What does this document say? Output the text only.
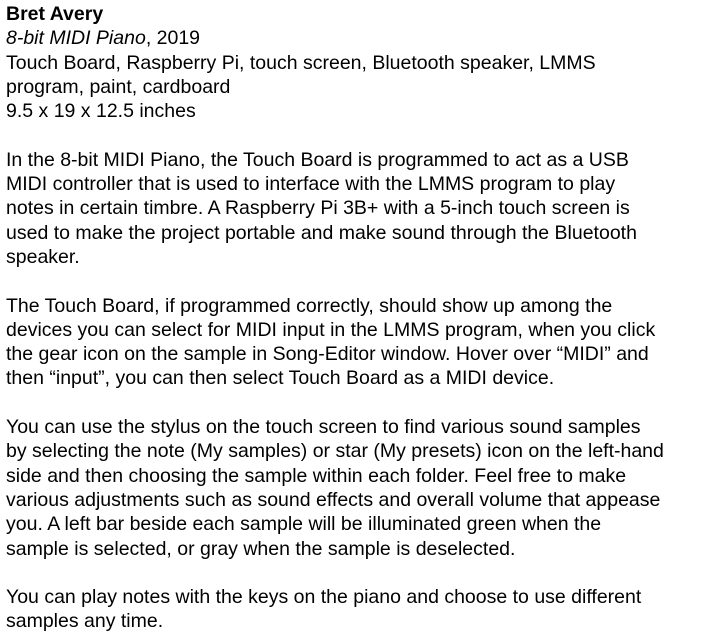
Bret Avery
8-bit MIDI Piano, 2019
Touch Board, Raspberry Pi, touch screen, Bluetooth speaker, LMMS
program, paint, cardboard
9.5 x 19 x 12.5 inches
In the 8-bit MIDI Piano, the Touch Board is programmed to act as a USB
MIDI controller that is used to interface with the LMMS program to play
notes in certain timbre. A Raspberry Pi 3B+ with a 5-inch touch screen is
used to make the project portable and make sound through the Bluetooth
speaker.
The Touch Board, if programmed correctly, should show up among the
devices you can select for MIDI input in the LMMS program, when you click
the gear icon on the sample in Song-Editor window. Hover over “MIDI” and
then “input”, you can then select Touch Board as a MIDI device.
You can use the stylus on the touch screen to find various sound samples
by selecting the note (My samples) or star (My presets) icon on the left-hand
side and then choosing the sample within each folder. Feel free to make
various adjustments such as sound effects and overall volume that appease
you. A left bar beside each sample will be illuminated green when the
sample is selected, or gray when the sample is deselected.
You can play notes with the keys on the piano and choose to use different
samples any time.
